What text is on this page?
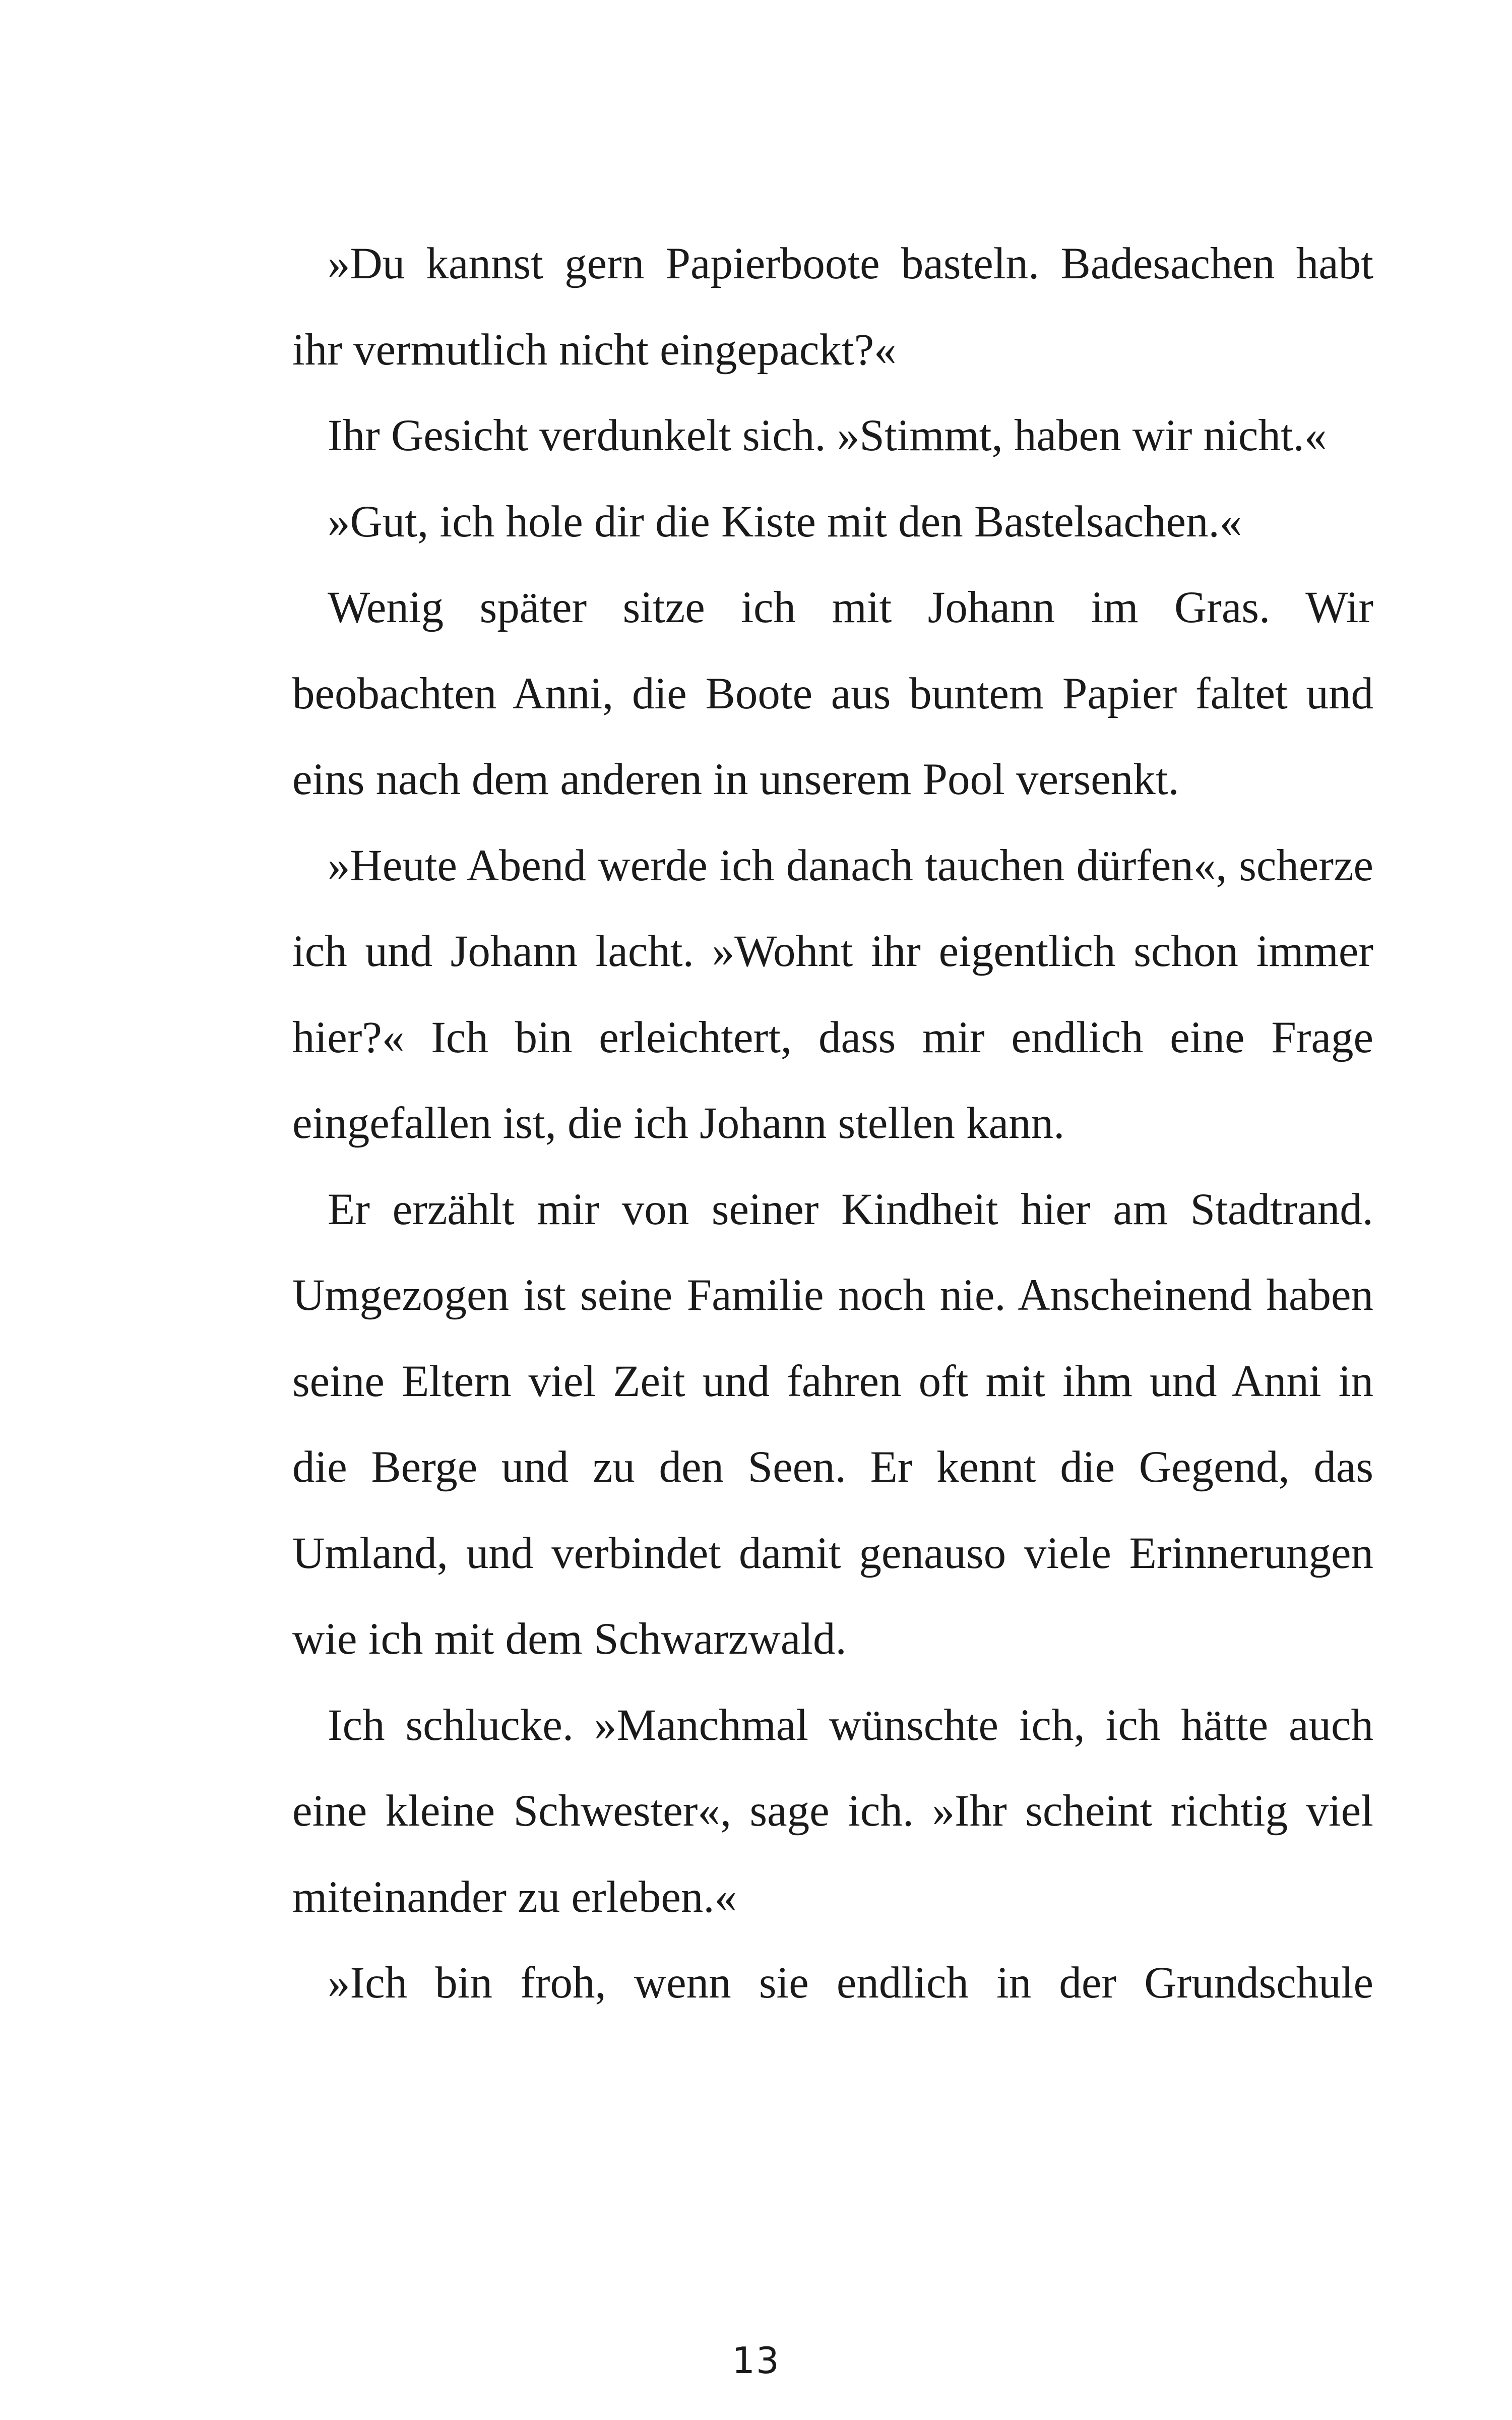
»Du kannst gern Papierboote basteln. Badesachen habt ihr vermutlich nicht eingepackt?«

Ihr Gesicht verdunkelt sich. »Stimmt, haben wir nicht.«

»Gut, ich hole dir die Kiste mit den Bastelsachen.«

Wenig später sitze ich mit Johann im Gras. Wir beobachten Anni, die Boote aus buntem Papier faltet und eins nach dem anderen in unserem Pool versenkt.

»Heute Abend werde ich danach tauchen dürfen«, scherze ich und Johann lacht. »Wohnt ihr eigentlich schon immer hier?« Ich bin erleichtert, dass mir endlich eine Frage eingefallen ist, die ich Johann stellen kann.

Er erzählt mir von seiner Kindheit hier am Stadtrand. Umgezogen ist seine Familie noch nie. Anscheinend haben seine Eltern viel Zeit und fahren oft mit ihm und Anni in die Berge und zu den Seen. Er kennt die Gegend, das Umland, und verbindet damit genauso viele Erinnerungen wie ich mit dem Schwarzwald.

Ich schlucke. »Manchmal wünschte ich, ich hätte auch eine kleine Schwester«, sage ich. »Ihr scheint richtig viel miteinander zu erleben.«

»Ich bin froh, wenn sie endlich in der Grundschule

13
